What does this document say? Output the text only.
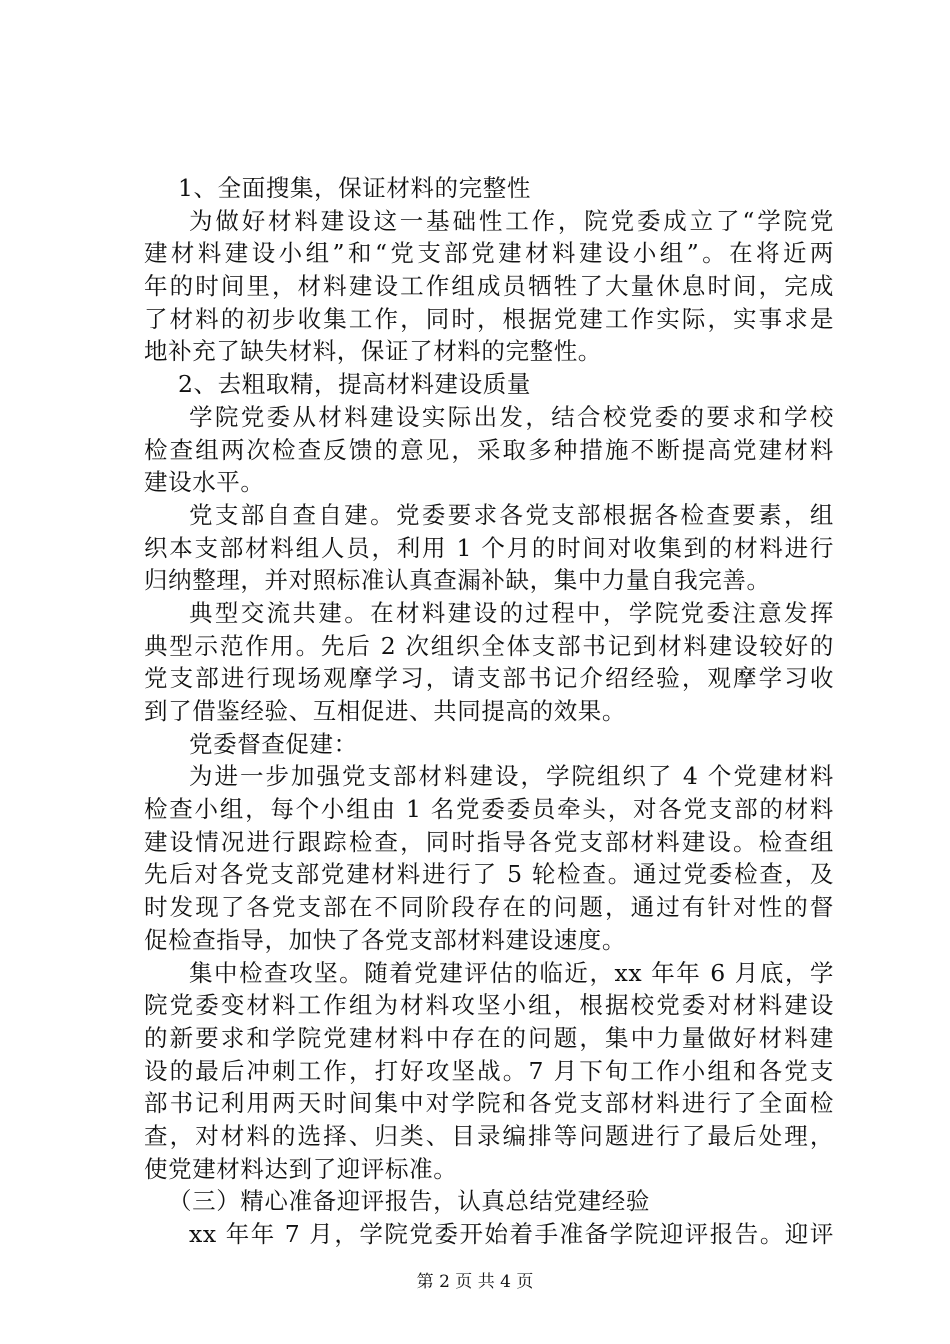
1、全面搜集，保证材料的完整性
为做好材料建设这一基础性工作，院党委成立了“学院党
建材料建设小组”和“党支部党建材料建设小组”。在将近两
年的时间里，材料建设工作组成员牺牲了大量休息时间，完成
了材料的初步收集工作，同时，根据党建工作实际，实事求是
地补充了缺失材料，保证了材料的完整性。
2、去粗取精，提高材料建设质量
学院党委从材料建设实际出发，结合校党委的要求和学校
检查组两次检查反馈的意见，采取多种措施不断提高党建材料
建设水平。
党支部自查自建。党委要求各党支部根据各检查要素，组
织本支部材料组人员，利用 1 个月的时间对收集到的材料进行
归纳整理，并对照标准认真查漏补缺，集中力量自我完善。
典型交流共建。在材料建设的过程中，学院党委注意发挥
典型示范作用。先后 2 次组织全体支部书记到材料建设较好的
党支部进行现场观摩学习，请支部书记介绍经验，观摩学习收
到了借鉴经验、互相促进、共同提高的效果。
党委督查促建：
为进一步加强党支部材料建设，学院组织了 4 个党建材料
检查小组，每个小组由 1 名党委委员牵头，对各党支部的材料
建设情况进行跟踪检查，同时指导各党支部材料建设。检查组
先后对各党支部党建材料进行了 5 轮检查。通过党委检查，及
时发现了各党支部在不同阶段存在的问题，通过有针对性的督
促检查指导，加快了各党支部材料建设速度。
集中检查攻坚。随着党建评估的临近，xx 年年 6 月底，学
院党委变材料工作组为材料攻坚小组，根据校党委对材料建设
的新要求和学院党建材料中存在的问题，集中力量做好材料建
设的最后冲刺工作，打好攻坚战。7 月下旬工作小组和各党支
部书记利用两天时间集中对学院和各党支部材料进行了全面检
查，对材料的选择、归类、目录编排等问题进行了最后处理，
使党建材料达到了迎评标准。
（三）精心准备迎评报告，认真总结党建经验
xx 年年 7 月，学院党委开始着手准备学院迎评报告。迎评
第 2 页 共 4 页
